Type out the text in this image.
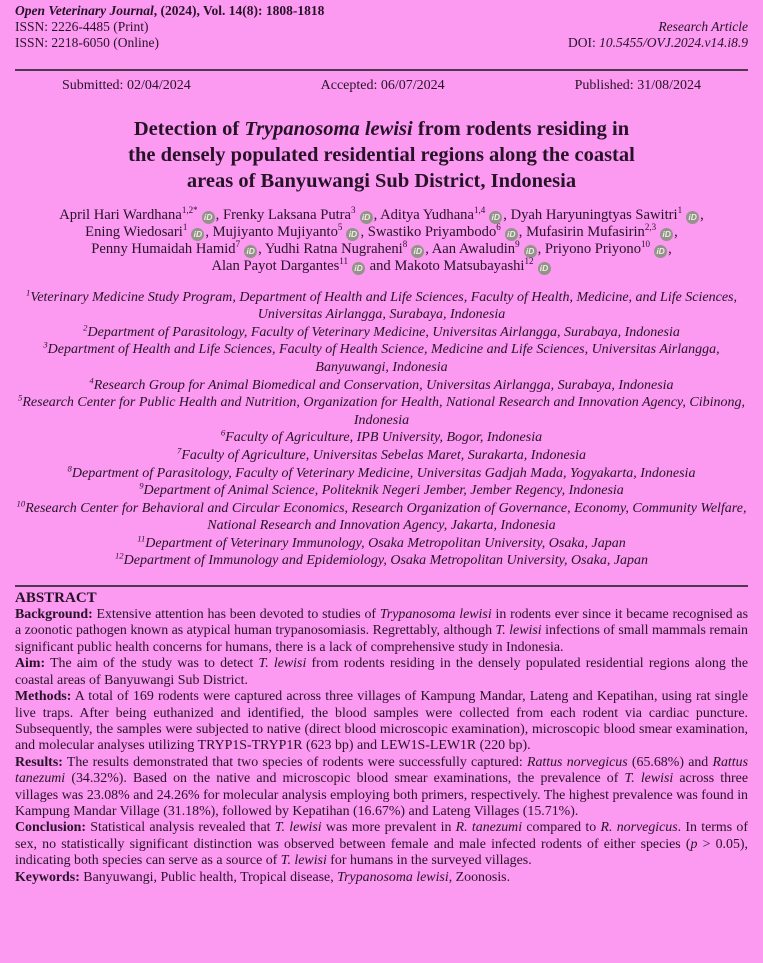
Open Veterinary Journal, (2024), Vol. 14(8): 1808-1818
ISSN: 2226-4485 (Print)	Research Article
ISSN: 2218-6050 (Online)	DOI: 10.5455/OVJ.2024.v14.i8.9
Submitted: 02/04/2024	Accepted: 06/07/2024	Published: 31/08/2024
Detection of Trypanosoma lewisi from rodents residing in
the densely populated residential regions along the coastal
areas of Banyuwangi Sub District, Indonesia
April Hari Wardhana$^{1,2*}$iD , Frenky Laksana Putra$^3$iD , Aditya Yudhana$^{1,4}$iD , Dyah Haryuningtyas Sawitri$^1$iD ,
Ening Wiedosari$^1$iD , Mujiyanto Mujiyanto$^5$iD , Swastiko Priyambodo$^6$iD , Mufasirin Mufasirin$^{2,3}$iD ,
Penny Humaidah Hamid$^7$iD , Yudhi Ratna Nugraheni$^8$iD , Aan Awaludin$^9$iD , Priyono Priyono$^{10}$iD ,
Alan Payot Dargantes$^{11}$iD and Makoto Matsubayashi$^{12}$iD
$^1$Veterinary Medicine Study Program, Department of Health and Life Sciences, Faculty of Health, Medicine, and Life Sciences, Universitas Airlangga, Surabaya, Indonesia
$^2$Department of Parasitology, Faculty of Veterinary Medicine, Universitas Airlangga, Surabaya, Indonesia
$^3$Department of Health and Life Sciences, Faculty of Health Science, Medicine and Life Sciences, Universitas Airlangga, Banyuwangi, Indonesia
$^4$Research Group for Animal Biomedical and Conservation, Universitas Airlangga, Surabaya, Indonesia
$^5$Research Center for Public Health and Nutrition, Organization for Health, National Research and Innovation Agency, Cibinong, Indonesia
$^6$Faculty of Agriculture, IPB University, Bogor, Indonesia
$^7$Faculty of Agriculture, Universitas Sebelas Maret, Surakarta, Indonesia
$^8$Department of Parasitology, Faculty of Veterinary Medicine, Universitas Gadjah Mada, Yogyakarta, Indonesia
$^9$Department of Animal Science, Politeknik Negeri Jember, Jember Regency, Indonesia
$^{10}$Research Center for Behavioral and Circular Economics, Research Organization of Governance, Economy, Community Welfare, National Research and Innovation Agency, Jakarta, Indonesia
$^{11}$Department of Veterinary Immunology, Osaka Metropolitan University, Osaka, Japan
$^{12}$Department of Immunology and Epidemiology, Osaka Metropolitan University, Osaka, Japan
ABSTRACT
Background: Extensive attention has been devoted to studies of Trypanosoma lewisi in rodents ever since it became recognised as a zoonotic pathogen known as atypical human trypanosomiasis. Regrettably, although T. lewisi infections of small mammals remain significant public health concerns for humans, there is a lack of comprehensive study in Indonesia.
Aim: The aim of the study was to detect T. lewisi from rodents residing in the densely populated residential regions along the coastal areas of Banyuwangi Sub District.
Methods: A total of 169 rodents were captured across three villages of Kampung Mandar, Lateng and Kepatihan, using rat single live traps. After being euthanized and identified, the blood samples were collected from each rodent via cardiac puncture. Subsequently, the samples were subjected to native (direct blood microscopic examination), microscopic blood smear examination, and molecular analyses utilizing TRYP1S-TRYP1R (623 bp) and LEW1S-LEW1R (220 bp).
Results: The results demonstrated that two species of rodents were successfully captured: Rattus norvegicus (65.68%) and Rattus tanezumi (34.32%). Based on the native and microscopic blood smear examinations, the prevalence of T. lewisi across three villages was 23.08% and 24.26% for molecular analysis employing both primers, respectively. The highest prevalence was found in Kampung Mandar Village (31.18%), followed by Kepatihan (16.67%) and Lateng Villages (15.71%).
Conclusion: Statistical analysis revealed that T. lewisi was more prevalent in R. tanezumi compared to R. norvegicus. In terms of sex, no statistically significant distinction was observed between female and male infected rodents of either species (p > 0.05), indicating both species can serve as a source of T. lewisi for humans in the surveyed villages.
Keywords: Banyuwangi, Public health, Tropical disease, Trypanosoma lewisi, Zoonosis.
